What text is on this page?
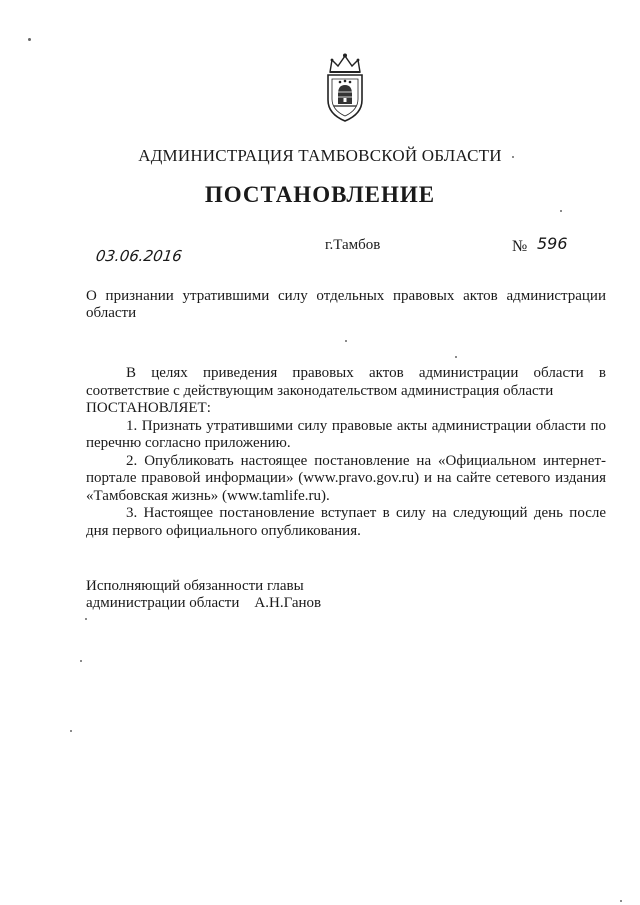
АДМИНИСТРАЦИЯ ТАМБОВСКОЙ ОБЛАСТИ
ПОСТАНОВЛЕНИЕ
03.06.2016
г.Тамбов	№ 596
О признании утратившими силу отдельных правовых актов администрации области

В целях приведения правовых актов администрации области в соответствие с действующим законодательством администрация области

ПОСТАНОВЛЯЕТ:

1. Признать утратившими силу правовые акты администрации области по перечню согласно приложению.

2. Опубликовать настоящее постановление на «Официальном интернет-портале правовой информации» (www.pravo.gov.ru) и на сайте сетевого издания «Тамбовская жизнь» (www.tamlife.ru).

3. Настоящее постановление вступает в силу на следующий день после дня первого официального опубликования.

Исполняющий обязанности главы
администрации области А.Н.Ганов
